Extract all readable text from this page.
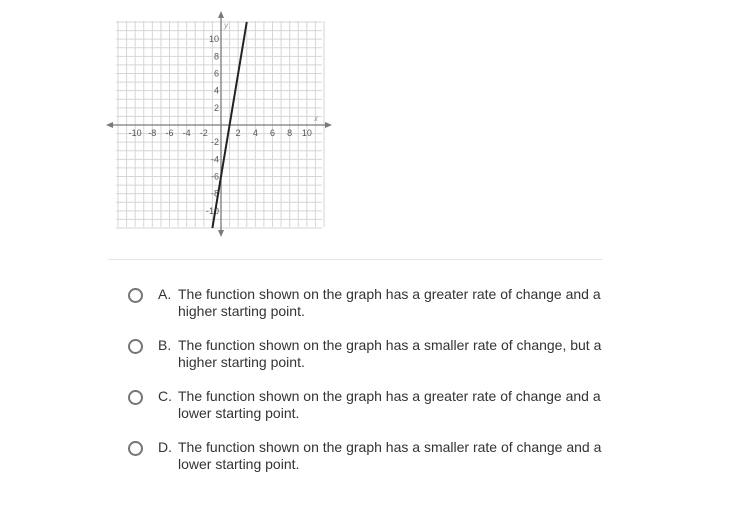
-10 -8 -6 -4 -2	2 4 6 8 10
10
8
6
4
2
-2
-4
-6
-8
-10
x
y
A. The function shown on the graph has a greater rate of change and a higher starting point.
B. The function shown on the graph has a smaller rate of change, but a higher starting point.
C. The function shown on the graph has a greater rate of change and a lower starting point.
D. The function shown on the graph has a smaller rate of change and a lower starting point.
